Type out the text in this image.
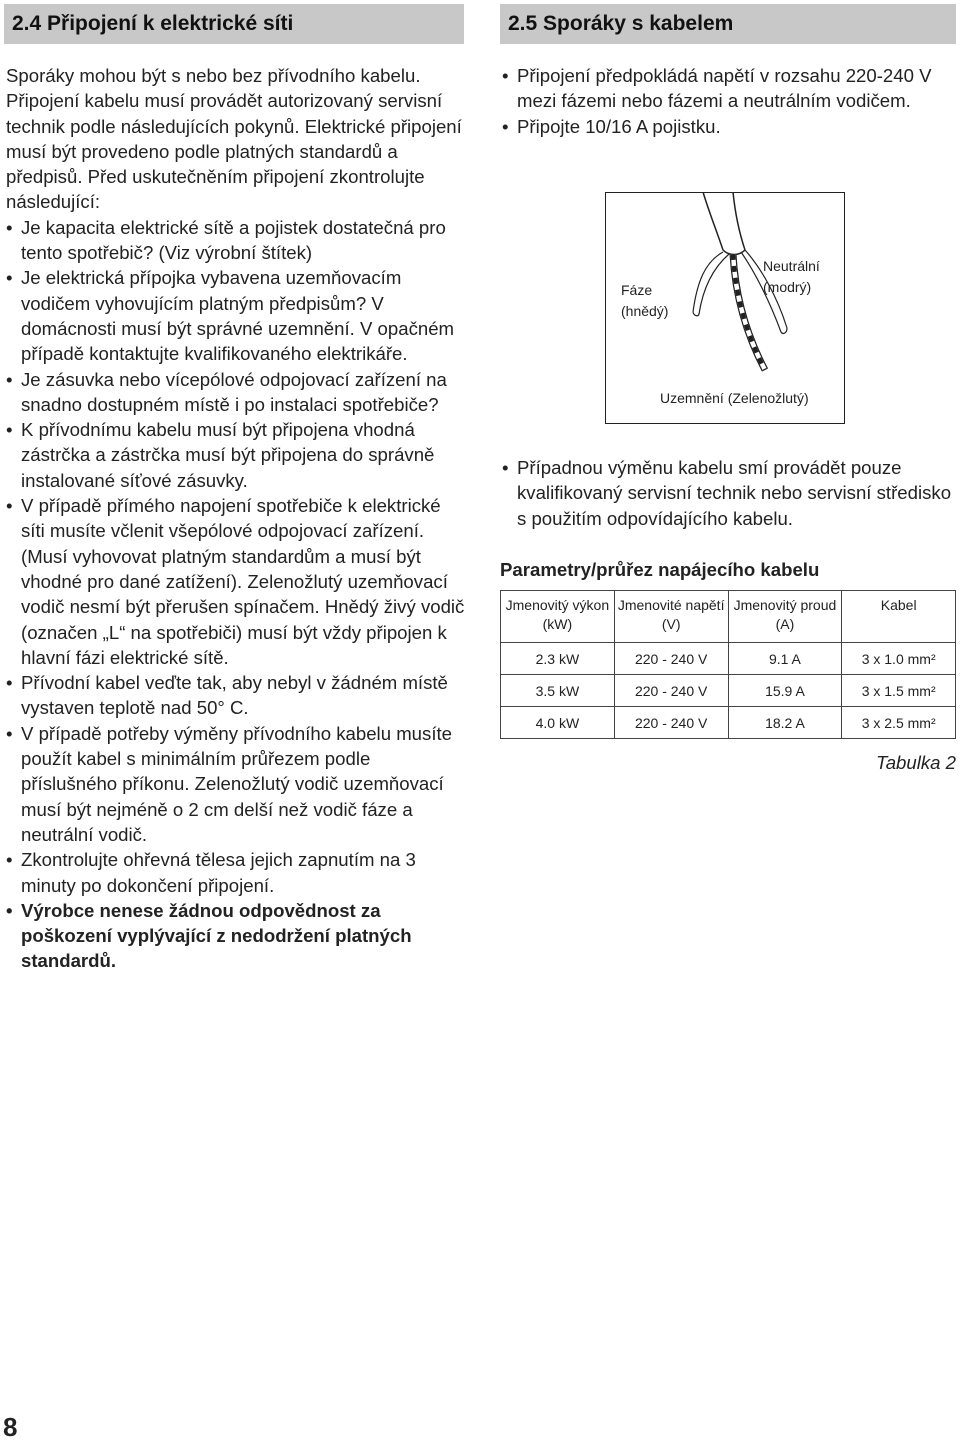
2.4 Připojení k elektrické síti

Sporáky mohou být s nebo bez přívodního kabelu. Připojení kabelu musí provádět autorizovaný servisní technik podle následujících pokynů. Elektrické připojení musí být provedeno podle platných standardů a předpisů. Před uskutečněním připojení zkontrolujte následující:

• Je kapacita elektrické sítě a pojistek dostatečná pro tento spotřebič? (Viz výrobní štítek)
• Je elektrická přípojka vybavena uzemňovacím vodičem vyhovujícím platným předpisům? V domácnosti musí být správné uzemnění. V opačném případě kontaktujte kvalifikovaného elektrikáře.
• Je zásuvka nebo vícepólové odpojovací zařízení na snadno dostupném místě i po instalaci spotřebiče?
• K přívodnímu kabelu musí být připojena vhodná zástrčka a zástrčka musí být připojena do správně instalované síťové zásuvky.
• V případě přímého napojení spotřebiče k elektrické síti musíte včlenit všepólové odpojovací zařízení. (Musí vyhovovat platným standardům a musí být vhodné pro dané zatížení). Zelenožlutý uzemňovací vodič nesmí být přerušen spínačem. Hnědý živý vodič (označen „L“ na spotřebiči) musí být vždy připojen k hlavní fázi elektrické sítě.
• Přívodní kabel veďte tak, aby nebyl v žádném místě vystaven teplotě nad 50° C.
• V případě potřeby výměny přívodního kabelu musíte použít kabel s minimálním průřezem podle příslušného příkonu. Zelenožlutý vodič uzemňovací musí být nejméně o 2 cm delší než vodič fáze a neutrální vodič.
• Zkontrolujte ohřevná tělesa jejich zapnutím na 3 minuty po dokončení připojení.
• Výrobce nenese žádnou odpovědnost za poškození vyplývající z nedodržení platných standardů.
2.5 Sporáky s kabelem
• Připojení předpokládá napětí v rozsahu 220-240 V mezi fázemi nebo fázemi a neutrálním vodičem.
• Připojte 10/16 A pojistku.
Fáze (hnědý)
Neutrální (modrý)
Uzemnění (Zelenožlutý)
• Případnou výměnu kabelu smí provádět pouze kvalifikovaný servisní technik nebo servisní středisko s použitím odpovídajícího kabelu.
Parametry/průřez napájecího kabelu
Jmenovitý výkon (kW)	Jmenovité napětí (V)	Jmenovitý proud (A)	Kabel
2.3 kW	220 - 240 V	9.1 A	3 x 1.0 mm²
3.5 kW	220 - 240 V	15.9 A	3 x 1.5 mm²
4.0 kW	220 - 240 V	18.2 A	3 x 2.5 mm²
Tabulka 2
8
